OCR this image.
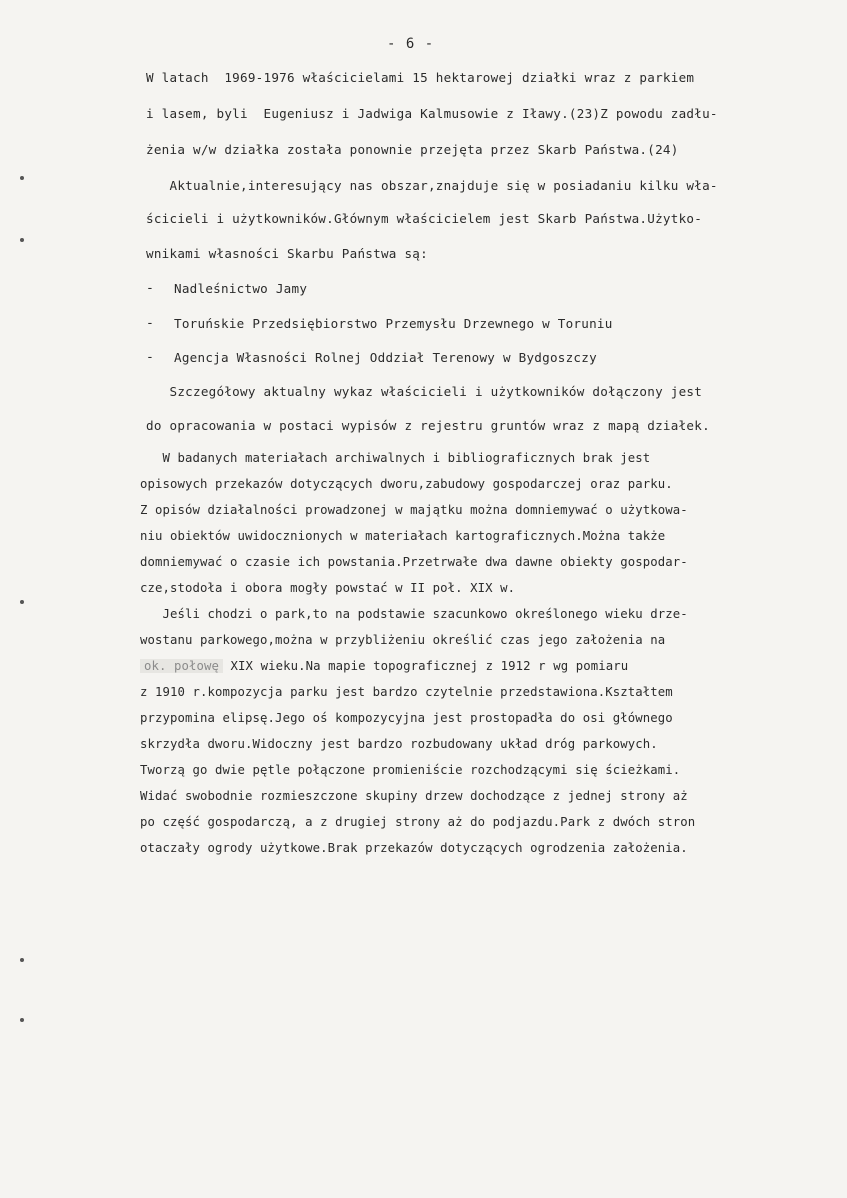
- 6 -
W latach  1969-1976 właścicielami 15 hektarowej działki wraz z parkiem
i lasem, byli  Eugeniusz i Jadwiga Kalmusowie z Iławy.(23)Z powodu zadłu-
żenia w/w działka została ponownie przejęta przez Skarb Państwa.(24)
Aktualnie,interesujący nas obszar,znajduje się w posiadaniu kilku wła-
ścicieli i użytkowników.Głównym właścicielem jest Skarb Państwa.Użytko-
wnikami własności Skarbu Państwa są:
- Nadleśnictwo Jamy
- Toruńskie Przedsiębiorstwo Przemysłu Drzewnego w Toruniu
- Agencja Własności Rolnej Oddział Terenowy w Bydgoszczy
Szczegółowy aktualny wykaz właścicieli i użytkowników dołączony jest
do opracowania w postaci wypisów z rejestru gruntów wraz z mapą działek.
W badanych materiałach archiwalnych i bibliograficznych brak jest
opisowych przekazów dotyczących dworu,zabudowy gospodarczej oraz parku.
Z opisów działalności prowadzonej w majątku można domniemywać o użytkowa-
niu obiektów uwidocznionych w materiałach kartograficznych.Można także
domniemywać o czasie ich powstania.Przetrwałe dwa dawne obiekty gospodar-
cze,stodoła i obora mogły powstać w II poł. XIX w.
Jeśli chodzi o park,to na podstawie szacunkowo określonego wieku drze-
wostanu parkowego,można w przybliżeniu określić czas jego założenia na
ok. połowę XIX wieku.Na mapie topograficznej z 1912 r wg pomiaru
z 1910 r.kompozycja parku jest bardzo czytelnie przedstawiona.Kształtem
przypomina elipsę.Jego oś kompozycyjna jest prostopadła do osi głównego
skrzydła dworu.Widoczny jest bardzo rozbudowany układ dróg parkowych.
Tworzą go dwie pętle połączone promieniście rozchodzącymi się ścieżkami.
Widać swobodnie rozmieszczone skupiny drzew dochodzące z jednej strony aż
po część gospodarczą, a z drugiej strony aż do podjazdu.Park z dwóch stron
otaczały ogrody użytkowe.Brak przekazów dotyczących ogrodzenia założenia.
